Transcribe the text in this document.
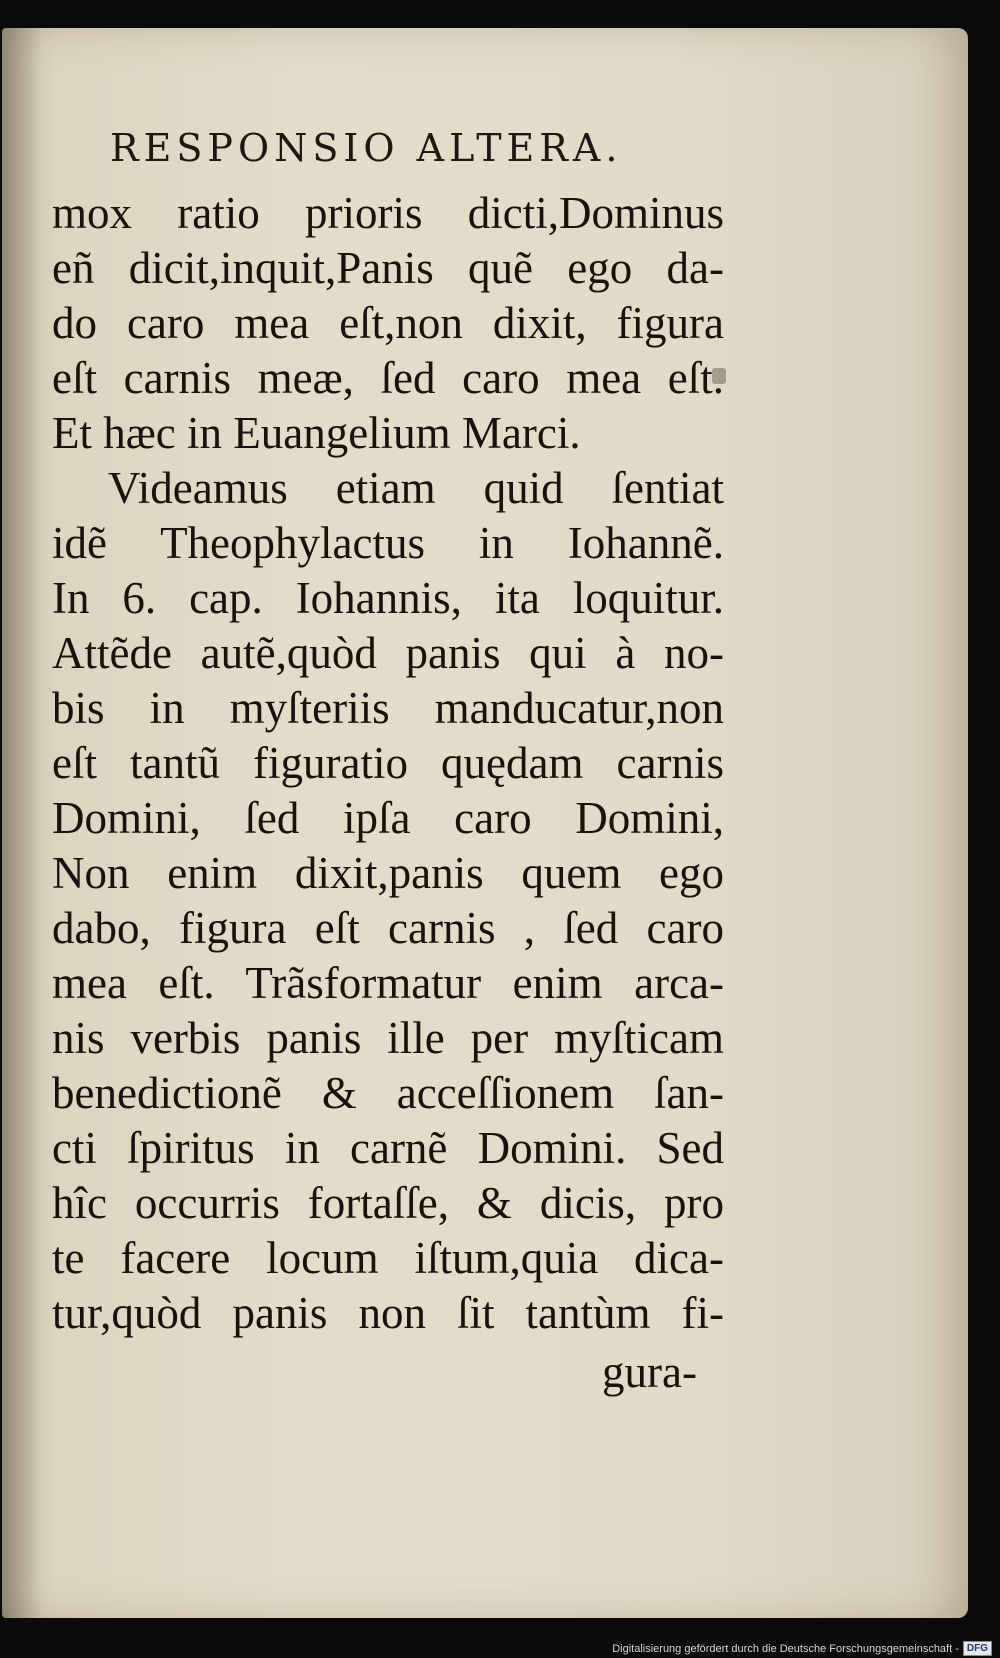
RESPONSIO ALTERA.
mox ratio prioris dicti,Dominus
eñ dicit,inquit,Panis quẽ ego da-
do caro mea eſt,non dixit, figura
eſt carnis meæ, ſed caro mea eſt.
Et hæc in Euangelium Marci.
Videamus etiam quid ſentiat
idẽ Theophylactus in Iohannẽ.
In 6. cap. Iohannis, ita loquitur.
Attẽde autẽ,quòd panis qui à no-
bis in myſteriis manducatur,non
eſt tantũ figuratio quędam carnis
Domini, ſed ipſa caro Domini,
Non enim dixit,panis quem ego
dabo, figura eſt carnis , ſed caro
mea eſt. Trãsformatur enim arca-
nis verbis panis ille per myſticam
benedictionẽ & acceſſionem ſan-
cti ſpiritus in carnẽ Domini. Sed
hîc occurris fortaſſe, & dicis, pro
te facere locum iſtum,quia dica-
tur,quòd panis non ſit tantùm fi-
gura-
Digitalisierung gefördert durch die Deutsche Forschungsgemeinschaft - DFG
